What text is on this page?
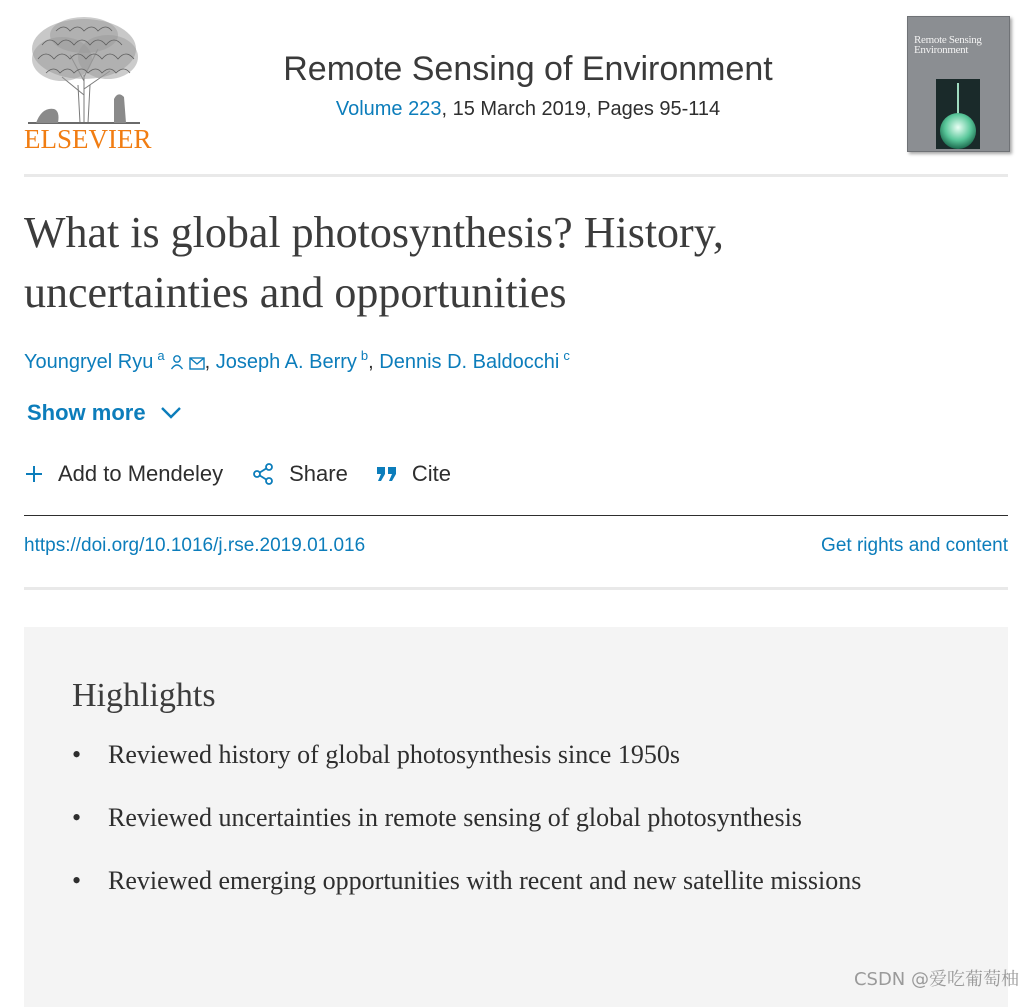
ELSEVIER
Remote Sensing of Environment
Volume 223, 15 March 2019, Pages 95-114
Remote Sensing Environment
What is global photosynthesis? History, uncertainties and opportunities
Youngryel Ryu $^a$ , Joseph A. Berry $^b$, Dennis D. Baldocchi $^c$
Show more
Add to Mendeley	Share	Cite
https://doi.org/10.1016/j.rse.2019.01.016	Get rights and content
Highlights
• Reviewed history of global photosynthesis since 1950s
• Reviewed uncertainties in remote sensing of global photosynthesis
• Reviewed emerging opportunities with recent and new satellite missions
CSDN @爱吃葡萄柚
